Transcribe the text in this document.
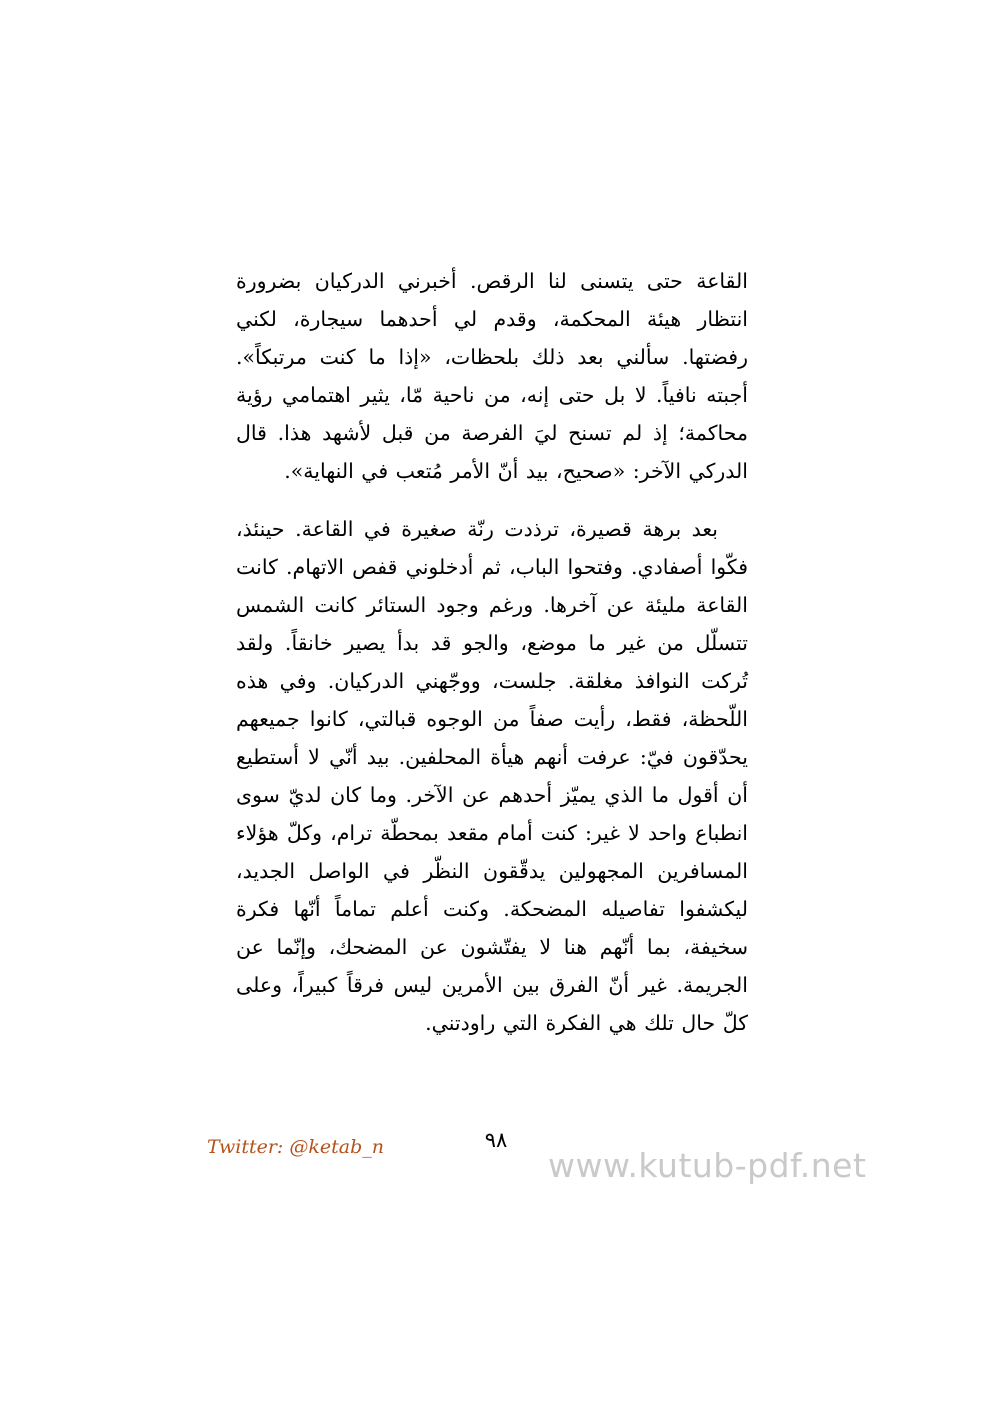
القاعة حتى يتسنى لنا الرقص. أخبرني الدركيان بضرورة انتظار هيئة المحكمة، وقدم لي أحدهما سيجارة، لكني رفضتها. سألني بعد ذلك بلحظات، «إذا ما كنت مرتبكاً». أجبته نافياً. لا بل حتى إنه، من ناحية مّا، يثير اهتمامي رؤية محاكمة؛ إذ لم تسنح ليَ الفرصة من قبل لأشهد هذا. قال الدركي الآخر: «صحيح، بيد أنّ الأمر مُتعب في النهاية».

بعد برهة قصيرة، ترذدت رنّة صغيرة في القاعة. حينئذ، فكّوا أصفادي. وفتحوا الباب، ثم أدخلوني قفص الاتهام. كانت القاعة مليئة عن آخرها. ورغم وجود الستائر كانت الشمس تتسلّل من غير ما موضع، والجو قد بدأ يصير خانقاً. ولقد تُركت النوافذ مغلقة. جلست، ووجّهني الدركيان. وفي هذه اللّحظة، فقط، رأيت صفاً من الوجوه قبالتي، كانوا جميعهم يحدّقون فيّ: عرفت أنهم هيأة المحلفين. بيد أنّي لا أستطيع أن أقول ما الذي يميّز أحدهم عن الآخر. وما كان لديّ سوى انطباع واحد لا غير: كنت أمام مقعد بمحطّة ترام، وكلّ هؤلاء المسافرين المجهولين يدقّقون النظّر في الواصل الجديد، ليكشفوا تفاصيله المضحكة. وكنت أعلم تماماً أنّها فكرة سخيفة، بما أنّهم هنا لا يفتّشون عن المضحك، وإنّما عن الجريمة. غير أنّ الفرق بين الأمرين ليس فرقاً كبيراً، وعلى كلّ حال تلك هي الفكرة التي راودتني.

Twitter: @ketab_n	٩٨
www.kutub-pdf.net
